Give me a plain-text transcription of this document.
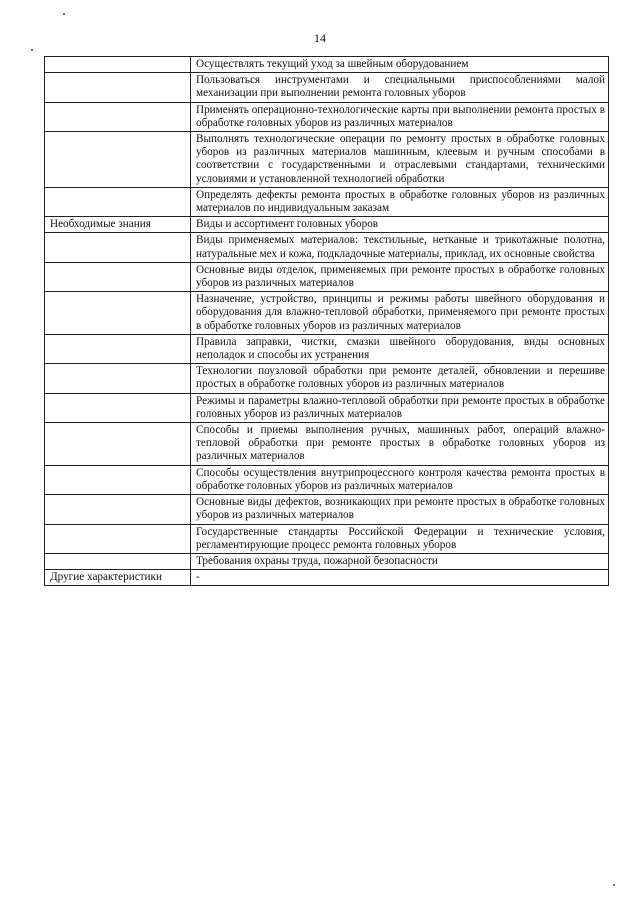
14
	Осуществлять текущий уход за швейным оборудованием
	Пользоваться инструментами и специальными приспособлениями малой механизации при выполнении ремонта головных уборов
	Применять операционно-технологические карты при выполнении ремонта простых в обработке головных уборов из различных материалов
	Выполнять технологические операции по ремонту простых в обработке головных уборов из различных материалов машинным, клеевым и ручным способами в соответствии с государственными и отраслевыми стандартами, техническими условиями и установленной технологией обработки
	Определять дефекты ремонта простых в обработке головных уборов из различных материалов по индивидуальным заказам
Необходимые знания	Виды и ассортимент головных уборов
	Виды применяемых материалов: текстильные, нетканые и трикотажные полотна, натуральные мех и кожа, подкладочные материалы, приклад, их основные свойства
	Основные виды отделок, применяемых при ремонте простых в обработке головных уборов из различных материалов
	Назначение, устройство, принципы и режимы работы швейного оборудования и оборудования для влажно-тепловой обработки, применяемого при ремонте простых в обработке головных уборов из различных материалов
	Правила заправки, чистки, смазки швейного оборудования, виды основных неполадок и способы их устранения
	Технологии поузловой обработки при ремонте деталей, обновлении и перешиве простых в обработке головных уборов из различных материалов
	Режимы и параметры влажно-тепловой обработки при ремонте простых в обработке головных уборов из различных материалов
	Способы и приемы выполнения ручных, машинных работ, операций влажно-тепловой обработки при ремонте простых в обработке головных уборов из различных материалов
	Способы осуществления внутрипроцессного контроля качества ремонта простых в обработке головных уборов из различных материалов
	Основные виды дефектов, возникающих при ремонте простых в обработке головных уборов из различных материалов
	Государственные стандарты Российской Федерации и технические условия, регламентирующие процесс ремонта головных уборов
	Требования охраны труда, пожарной безопасности
Другие характеристики	-
